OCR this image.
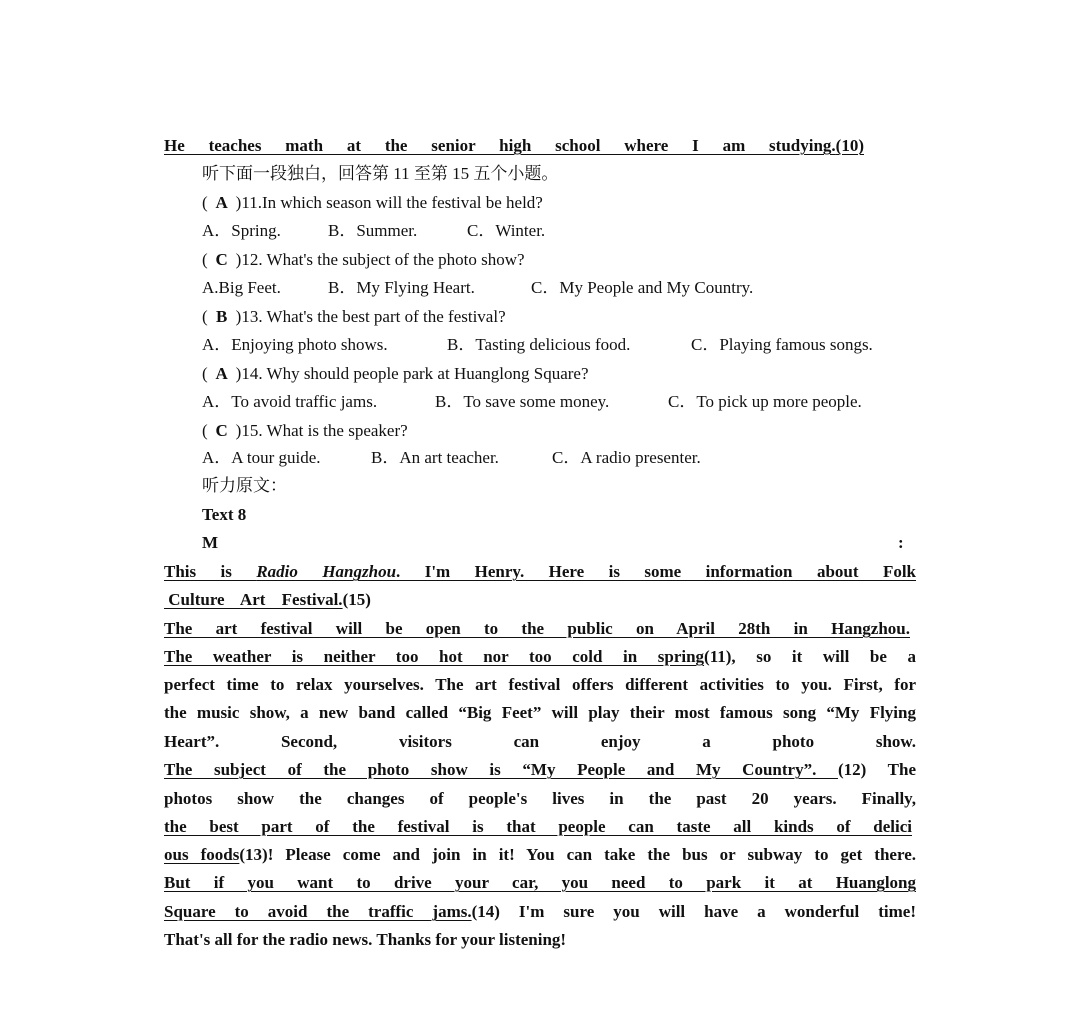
He teaches math at the senior high school where I am studying.(10)
听下面一段独白，回答第 11 至第 15 五个小题。
( A )11.In which season will the festival be held?
A．Spring.	B．Summer.	C．Winter.
( C )12. What's the subject of the photo show?
A.Big Feet.	B．My Flying Heart.	C．My People and My Country.
( B )13. What's the best part of the festival?
A．Enjoying photo shows.	B．Tasting delicious food.	C．Playing famous songs.
( A )14. Why should people park at Huanglong Square?
A．To avoid traffic jams.	B．To save some money.	C．To pick up more people.
( C )15. What is the speaker?
A．A tour guide.	B．An art teacher.	C．A radio presenter.
听力原文：
Text 8
M	:
This is Radio Hangzhou. I'm Henry. Here is some information about Folk
Culture Art Festival.(15)
The art festival will be open to the public on April 28th in Hangzhou.
The weather is neither too hot nor too cold in spring(11), so it will be a
perfect time to relax yourselves. The art festival offers different activities to you. First, for
the music show, a new band called “Big Feet” will play their most famous song “My Flying
Heart”. Second, visitors can enjoy a photo show.
The subject of the photo show is “My People and My Country”. (12) The
photos show the changes of people's lives in the past 20 years. Finally,
the best part of the festival is that people can taste all kinds of delici
ous foods(13)! Please come and join in it! You can take the bus or subway to get there.
But if you want to drive your car, you need to park it at Huanglong
Square to avoid the traffic jams.(14) I'm sure you will have a wonderful time!
That's all for the radio news. Thanks for your listening!
